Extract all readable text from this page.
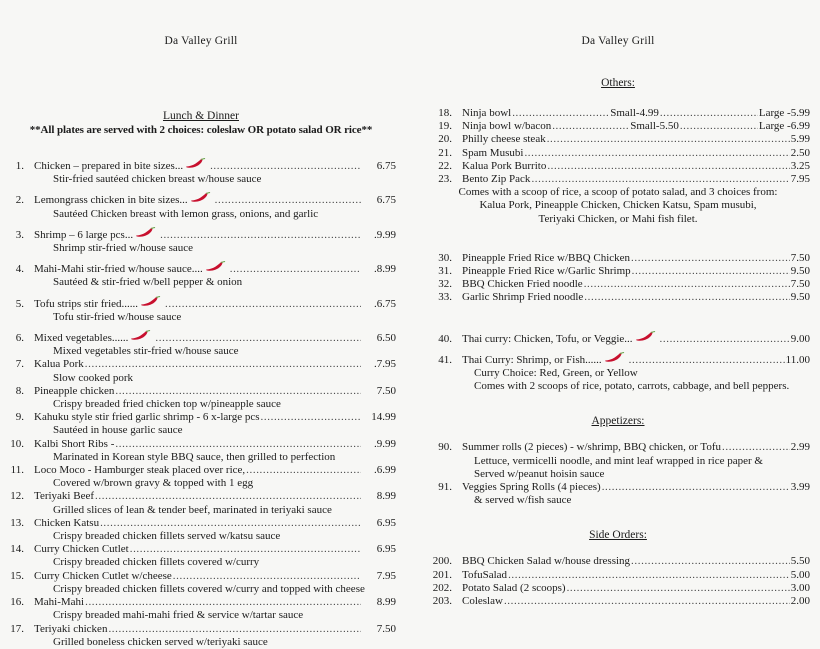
Da Valley Grill
Lunch & Dinner
**All plates are served with 2 choices: coleslaw OR potato salad OR rice**
1. Chicken – prepared in bite sizes... .....	6.75
Stir-fried sautéed chicken breast w/house sauce
2. Lemongrass chicken in bite sizes... .....	6.75
Sautéed Chicken breast with lemon grass, onions, and garlic
3. Shrimp – 6 large pcs... .....	.9.99
Shrimp stir-fried w/house sauce
4. Mahi-Mahi stir-fried w/house sauce.... .....	.8.99
Sautéed & stir-fried w/bell pepper & onion
5. Tofu strips stir fried...... .....	.6.75
Tofu stir-fried w/house sauce
6. Mixed vegetables...... .....	6.50
Mixed vegetables stir-fried w/house sauce
7. Kalua Pork .....	.7.95
Slow cooked pork
8. Pineapple chicken .....	7.50
Crispy breaded fried chicken top w/pineapple sauce
9. Kahuku style stir fried garlic shrimp - 6 x-large pcs .....	14.99
Sautéed in house garlic sauce
10. Kalbi Short Ribs - .....	.9.99
Marinated in Korean style BBQ sauce, then grilled to perfection
11. Loco Moco - Hamburger steak placed over rice, .....	.6.99
Covered w/brown gravy & topped with 1 egg
12. Teriyaki Beef .....	8.99
Grilled slices of lean & tender beef, marinated in teriyaki sauce
13. Chicken Katsu .....	6.95
Crispy breaded chicken fillets served w/katsu sauce
14. Curry Chicken Cutlet .....	6.95
Crispy breaded chicken fillets covered w/curry
15. Curry Chicken Cutlet w/cheese .....	7.95
Crispy breaded chicken fillets covered w/curry and topped with cheese
16. Mahi-Mahi .....	8.99
Crispy breaded mahi-mahi fried & service w/tartar sauce
17. Teriyaki chicken .....	7.50
Grilled boneless chicken served w/teriyaki sauce
Da Valley Grill
Others:
18. Ninja bowl .....	Small-4.99 .....	Large -5.99
19. Ninja bowl w/bacon .....	Small-5.50 .....	Large -6.99
20. Philly cheese steak .....	5.99
21. Spam Musubi .....	2.50
22. Kalua Pork Burrito .....	3.25
23. Bento Zip Pack .....	7.95
Comes with a scoop of rice, a scoop of potato salad, and 3 choices from:
Kalua Pork, Pineapple Chicken, Chicken Katsu, Spam musubi,
Teriyaki Chicken, or Mahi fish filet.
30. Pineapple Fried Rice w/BBQ Chicken .....	7.50
31. Pineapple Fried Rice w/Garlic Shrimp .....	9.50
32. BBQ Chicken Fried noodle .....	7.50
33. Garlic Shrimp Fried noodle .....	9.50
40. Thai curry: Chicken, Tofu, or Veggie... .....	9.00
41. Thai Curry: Shrimp, or Fish...... .....	11.00
Curry Choice: Red, Green, or Yellow
Comes with 2 scoops of rice, potato, carrots, cabbage, and bell peppers.
Appetizers:
90. Summer rolls (2 pieces) - w/shrimp, BBQ chicken, or Tofu .....	2.99
Lettuce, vermicelli noodle, and mint leaf wrapped in rice paper &
Served w/peanut hoisin sauce
91. Veggies Spring Rolls (4 pieces) .....	3.99
& served w/fish sauce
Side Orders:
200. BBQ Chicken Salad w/house dressing .....	5.50
201. TofuSalad .....	5.00
202. Potato Salad (2 scoops) .....	3.00
203. Coleslaw .....	2.00
